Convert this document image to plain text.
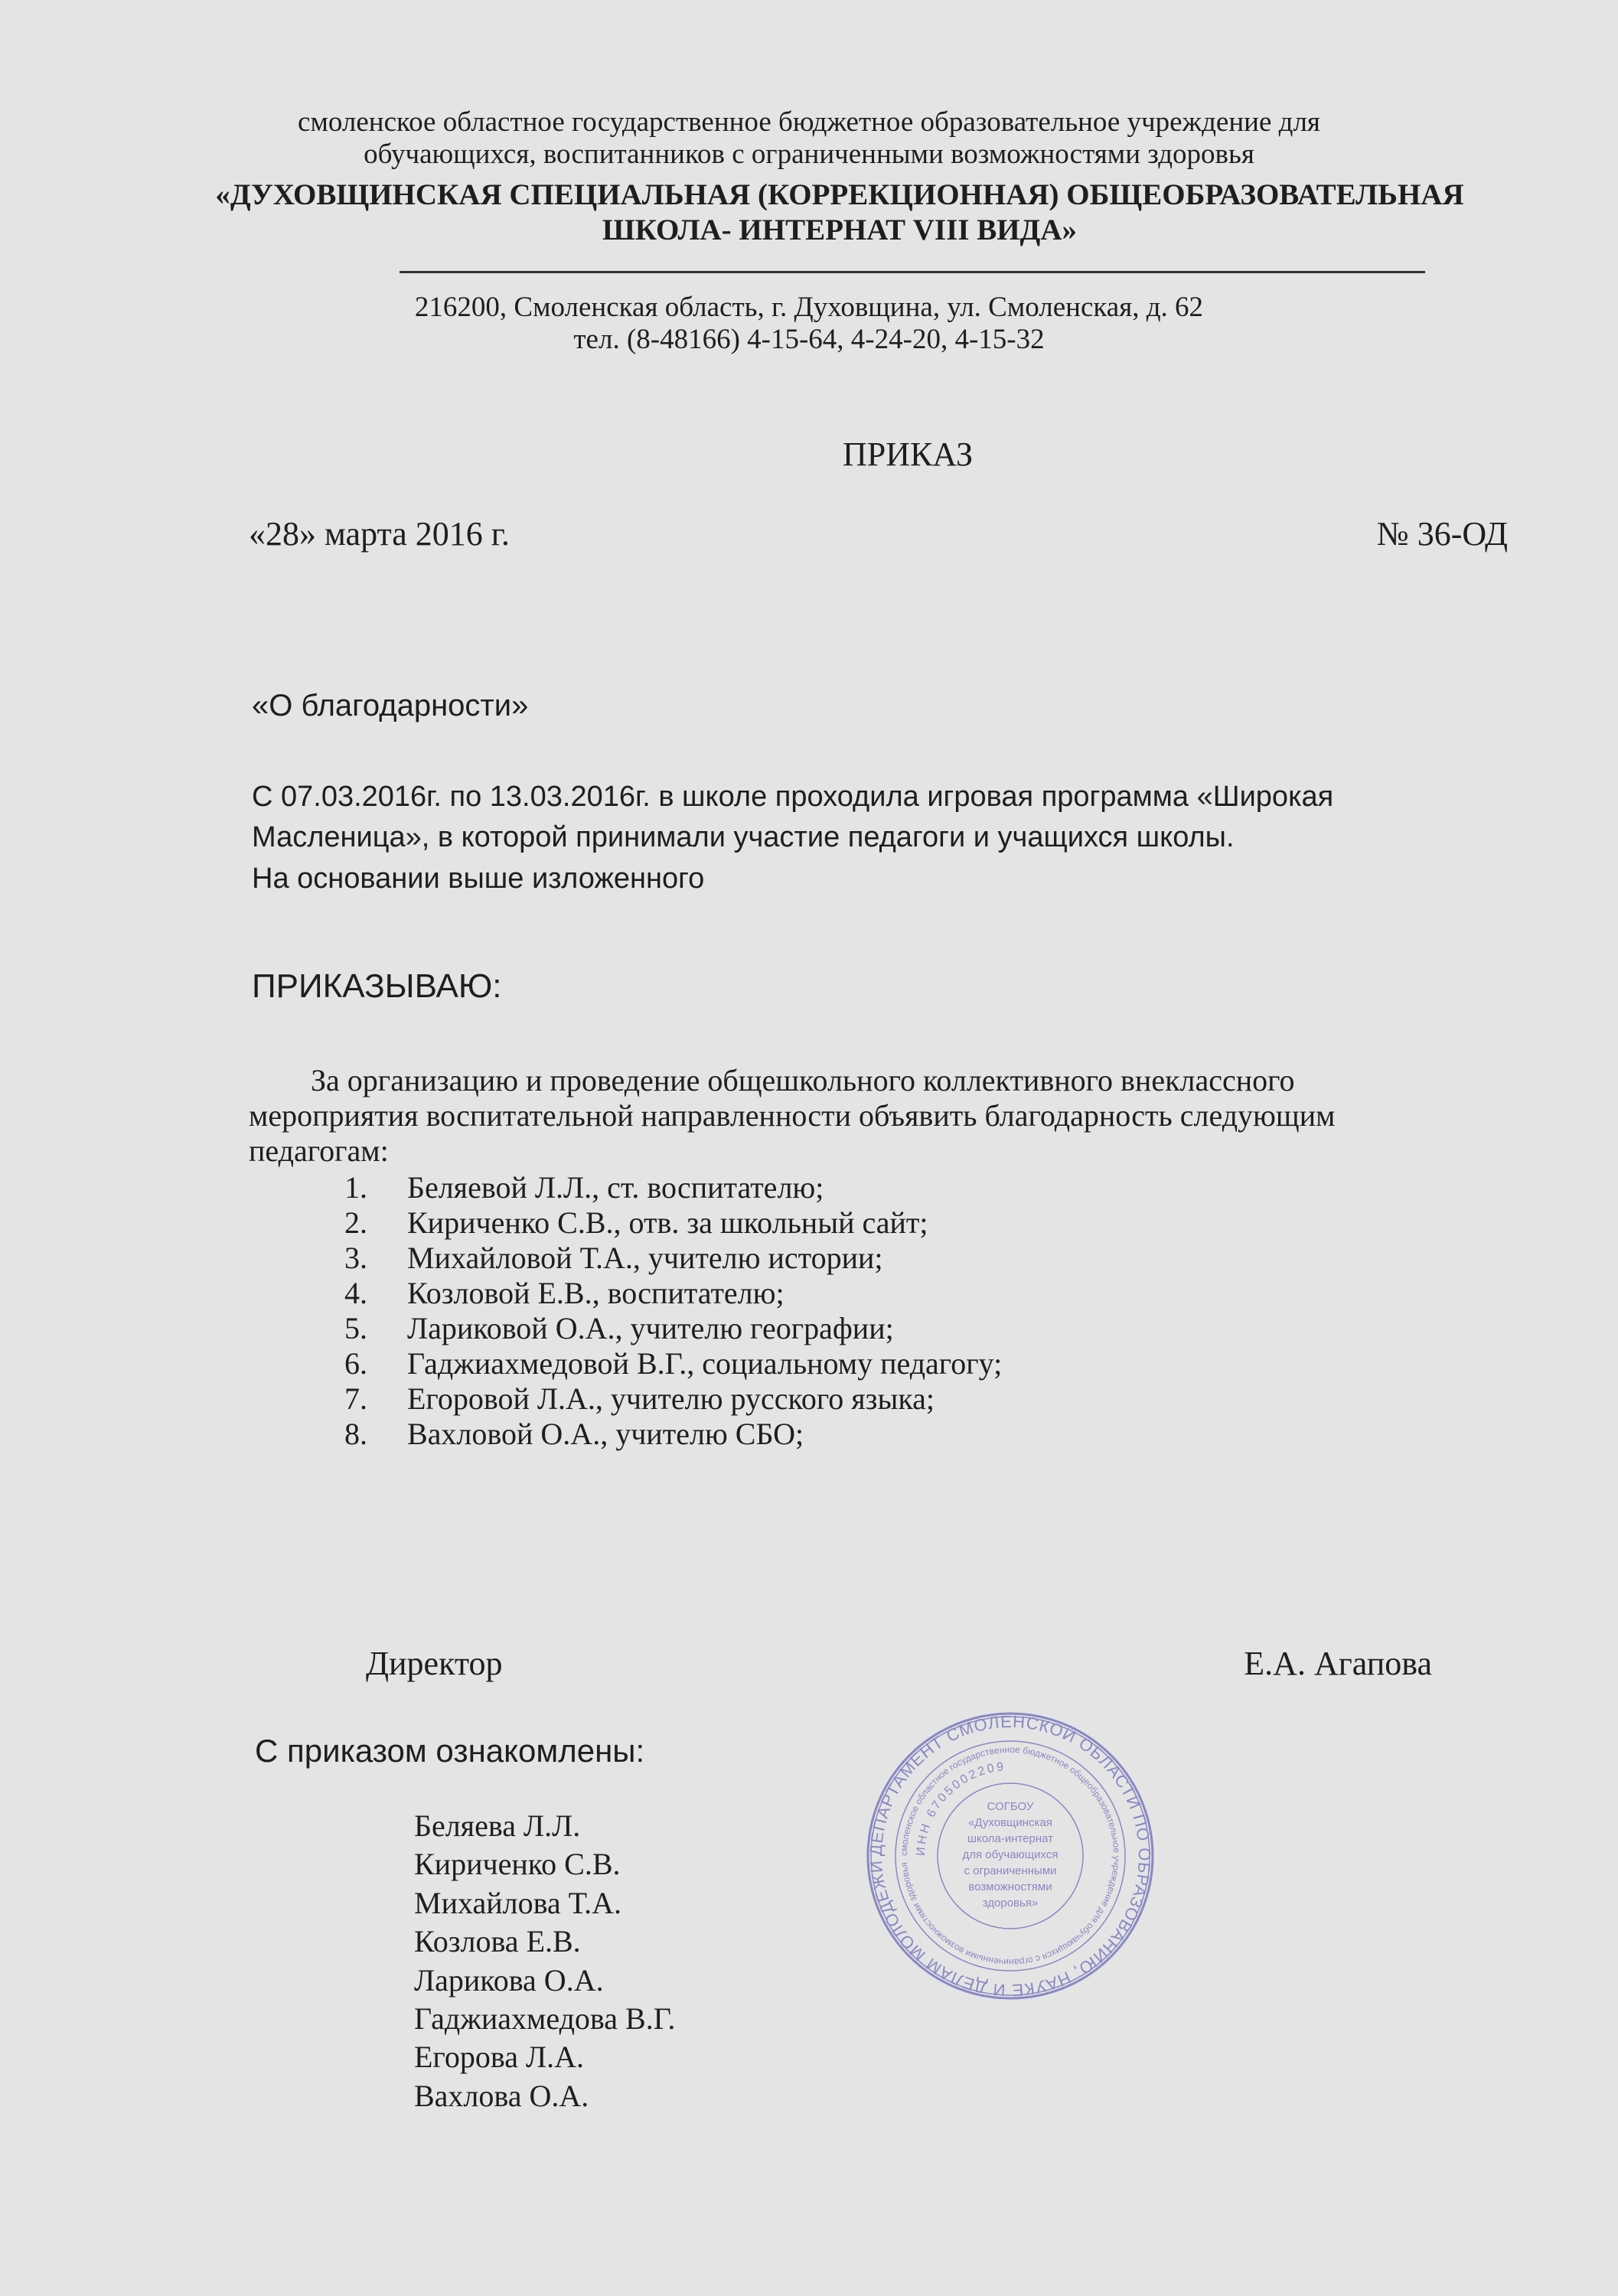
смоленское областное государственное бюджетное образовательное учреждение для
обучающихся, воспитанников с ограниченными возможностями здоровья
«ДУХОВЩИНСКАЯ СПЕЦИАЛЬНАЯ (КОРРЕКЦИОННАЯ) ОБЩЕОБРАЗОВАТЕЛЬНАЯ
ШКОЛА- ИНТЕРНАТ VIII ВИДА»
216200, Смоленская область, г. Духовщина, ул. Смоленская, д. 62
тел. (8-48166) 4-15-64, 4-24-20, 4-15-32
ПРИКАЗ
«28» марта 2016 г.	№ 36-ОД
«О благодарности»
С 07.03.2016г. по 13.03.2016г. в школе проходила игровая программа «Широкая
Масленица», в которой принимали участие педагоги и учащихся школы.
На основании выше изложенного
ПРИКАЗЫВАЮ:
За организацию и проведение общешкольного коллективного внеклассного
мероприятия воспитательной направленности объявить благодарность следующим
педагогам:
1. Беляевой Л.Л., ст. воспитателю;
2. Кириченко С.В., отв. за школьный сайт;
3. Михайловой Т.А., учителю истории;
4. Козловой Е.В., воспитателю;
5. Лариковой О.А., учителю географии;
6. Гаджиахмедовой В.Г., социальному педагогу;
7. Егоровой Л.А., учителю русского языка;
8. Вахловой О.А., учителю СБО;
Директор	Е.А. Агапова
С приказом ознакомлены:
Беляева Л.Л.
Кириченко С.В.
Михайлова Т.А.
Козлова Е.В.
Ларикова О.А.
Гаджиахмедова В.Г.
Егорова Л.А.
Вахлова О.А.
ДЕПАРТАМЕНТ СМОЛЕНСКОЙ ОБЛАСТИ ПО ОБРАЗОВАНИЮ, НАУКЕ И ДЕЛАМ МОЛОДЕЖИ
смоленское областное государственное бюджетное общеобразовательное учреждение для обучающихся с ограниченными возможностями здоровья
ИНН 6705002209
СОГБОУ
«Духовщинская
школа-интернат
для обучающихся
с ограниченными
возможностями
здоровья»
